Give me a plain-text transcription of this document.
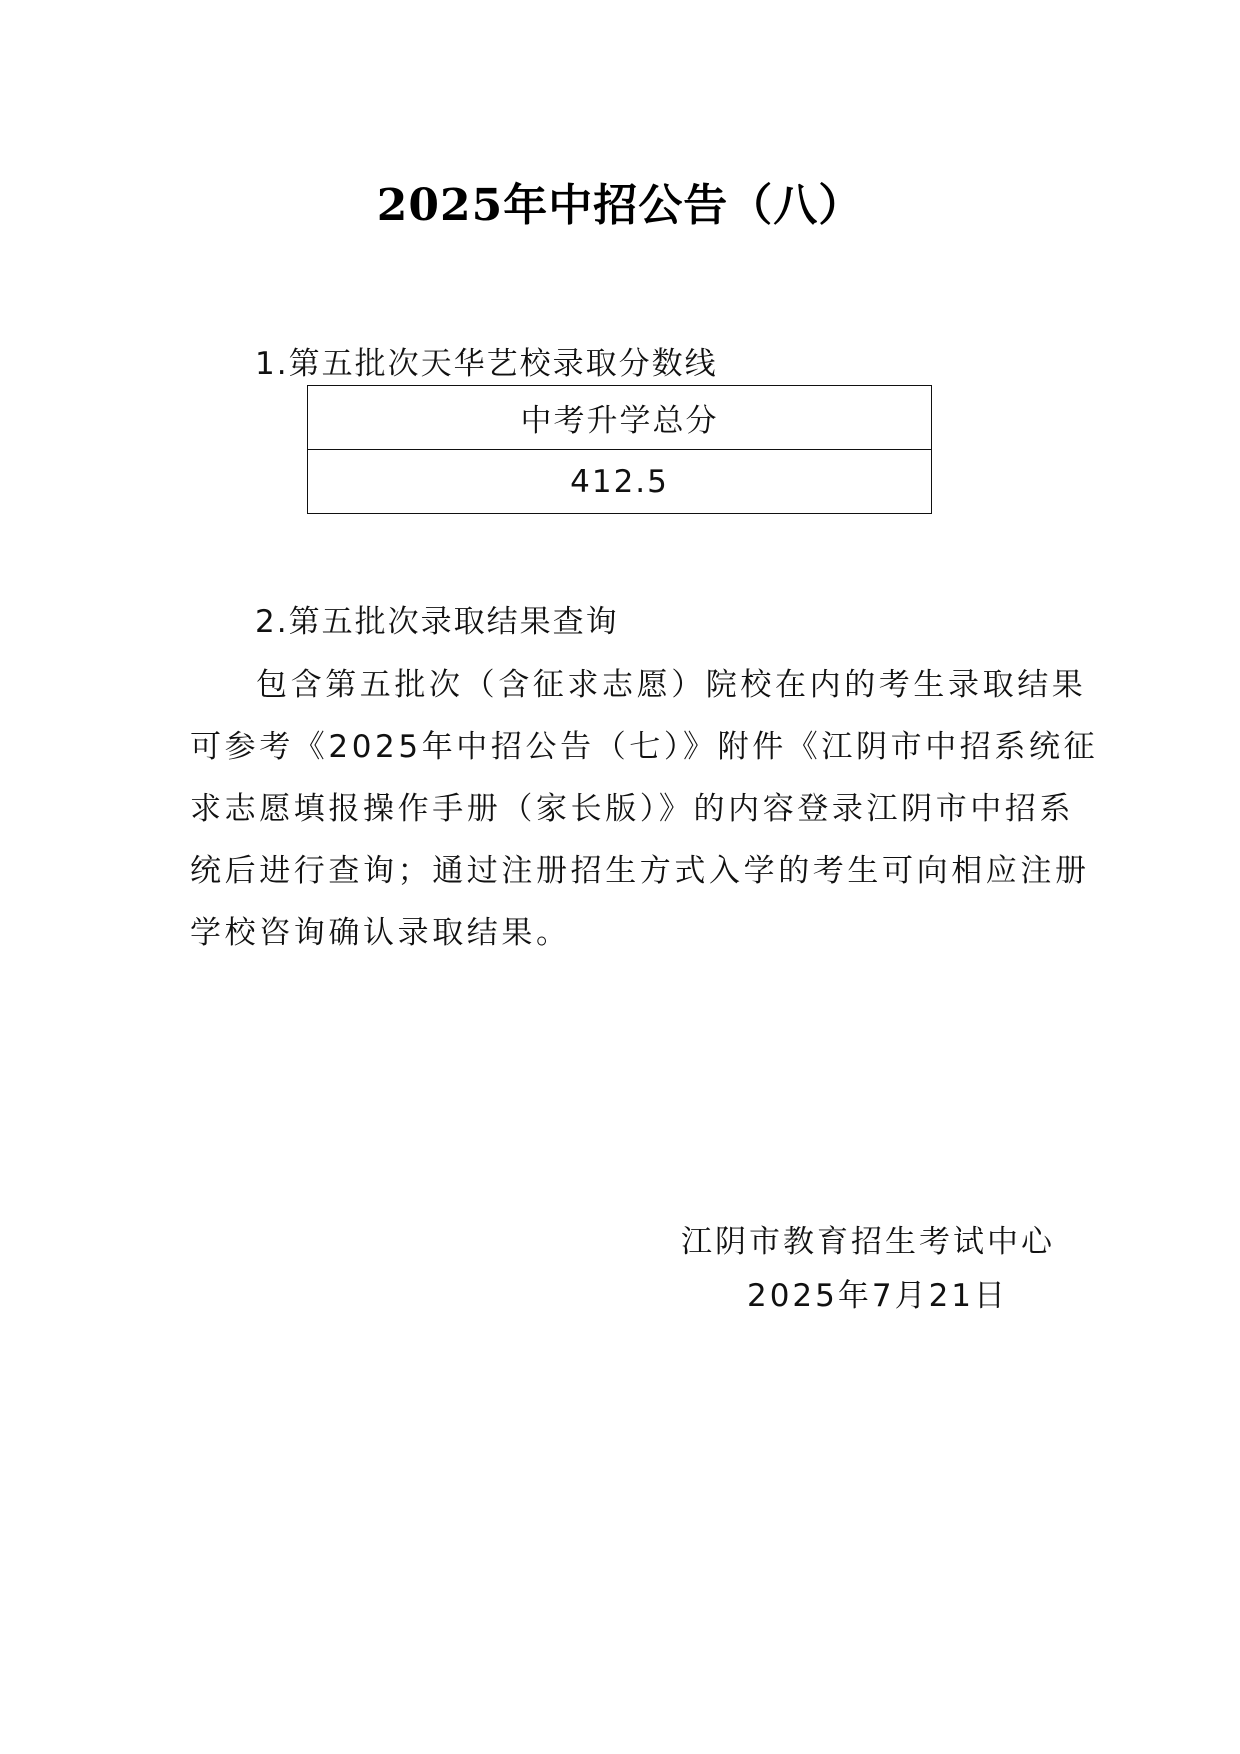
2025年中招公告（八）
1.第五批次天华艺校录取分数线
中考升学总分
412.5
2.第五批次录取结果查询

包含第五批次（含征求志愿）院校在内的考生录取结果

可参考《2025年中招公告（七）》附件《江阴市中招系统征

求志愿填报操作手册（家长版）》的内容登录江阴市中招系

统后进行查询；通过注册招生方式入学的考生可向相应注册

学校咨询确认录取结果。

江阴市教育招生考试中心
2025年7月21日
